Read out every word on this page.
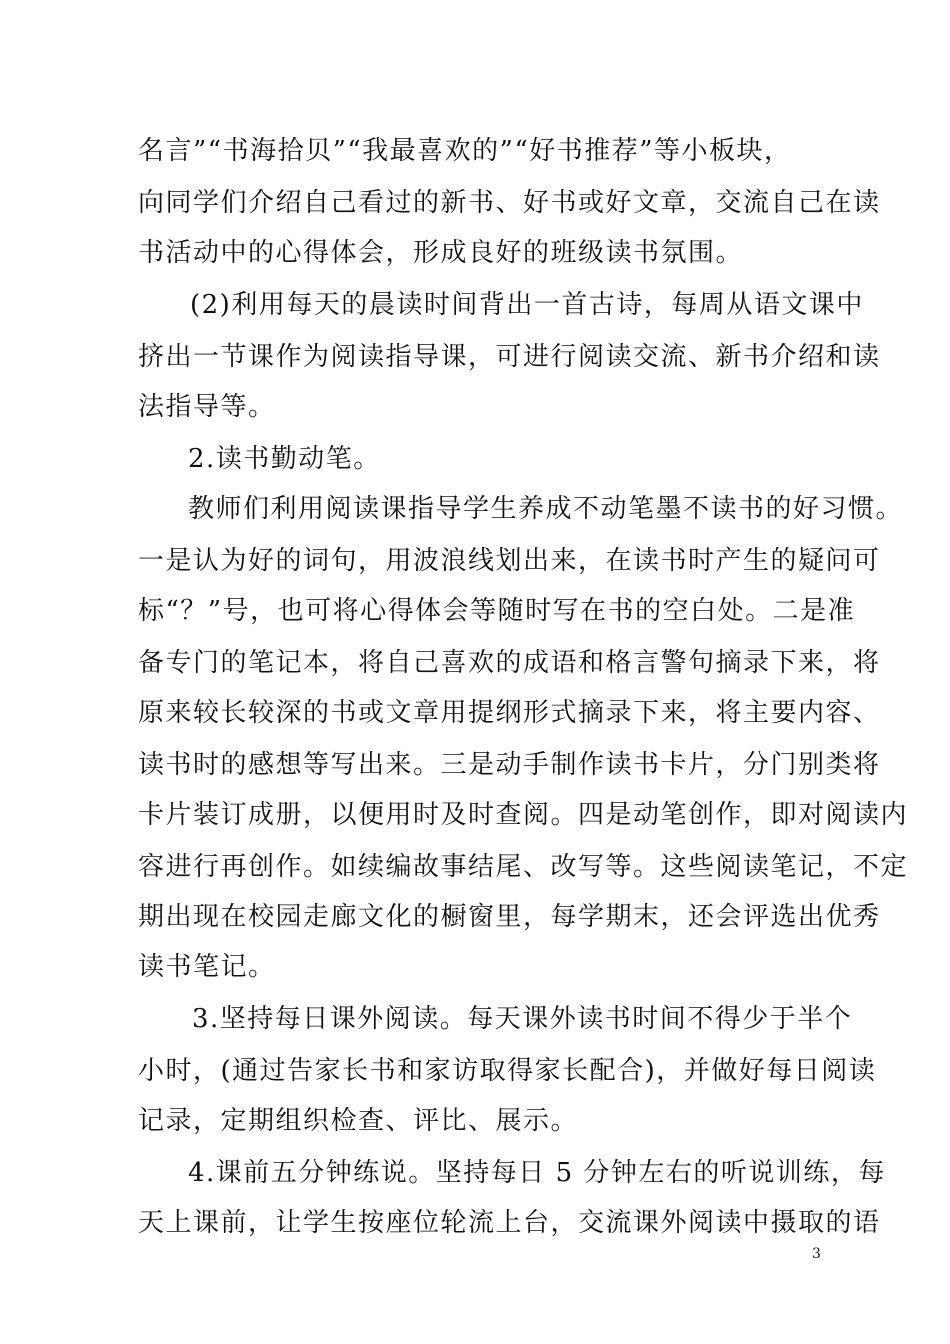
名言”“书海拾贝”“我最喜欢的”“好书推荐”等小板块，
向同学们介绍自己看过的新书、好书或好文章，交流自己在读
书活动中的心得体会，形成良好的班级读书氛围。
(2)利用每天的晨读时间背出一首古诗，每周从语文课中
挤出一节课作为阅读指导课，可进行阅读交流、新书介绍和读
法指导等。
2.读书勤动笔。
教师们利用阅读课指导学生养成不动笔墨不读书的好习惯。
一是认为好的词句，用波浪线划出来，在读书时产生的疑问可
标“？”号，也可将心得体会等随时写在书的空白处。二是准
备专门的笔记本，将自己喜欢的成语和格言警句摘录下来，将
原来较长较深的书或文章用提纲形式摘录下来，将主要内容、
读书时的感想等写出来。三是动手制作读书卡片，分门别类将
卡片装订成册，以便用时及时查阅。四是动笔创作，即对阅读内
容进行再创作。如续编故事结尾、改写等。这些阅读笔记，不定
期出现在校园走廊文化的橱窗里，每学期末，还会评选出优秀
读书笔记。
3.坚持每日课外阅读。每天课外读书时间不得少于半个
小时，(通过告家长书和家访取得家长配合)，并做好每日阅读
记录，定期组织检查、评比、展示。
4.课前五分钟练说。坚持每日 5 分钟左右的听说训练，每
天上课前，让学生按座位轮流上台，交流课外阅读中摄取的语
3
